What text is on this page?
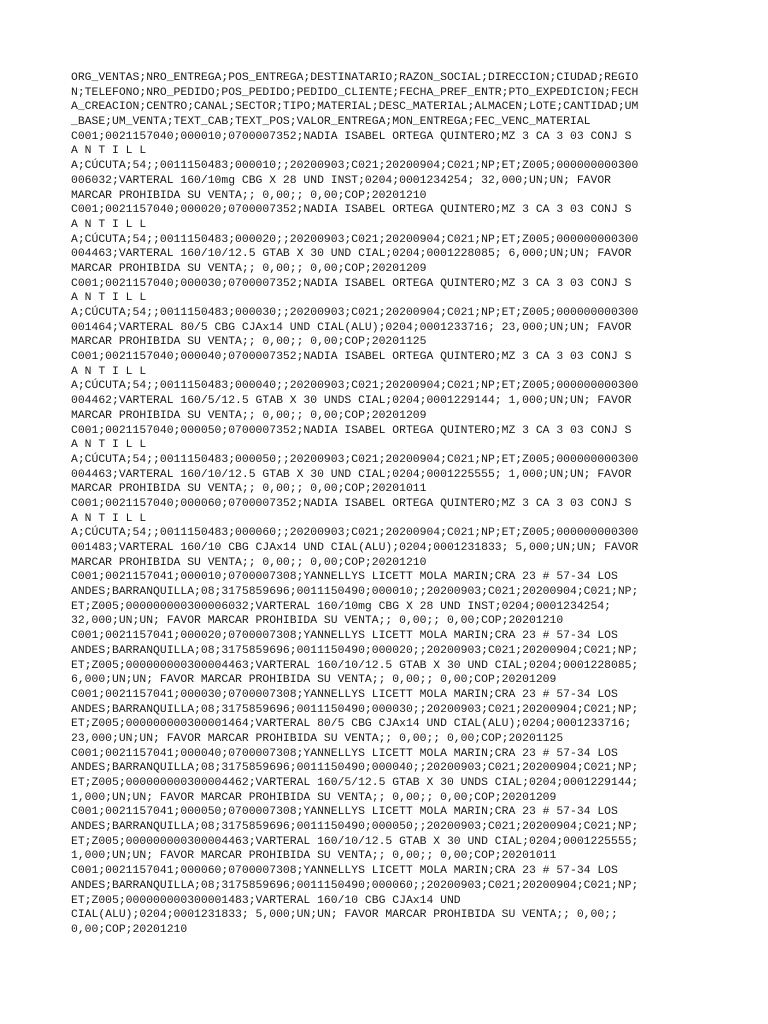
ORG_VENTAS;NRO_ENTREGA;POS_ENTREGA;DESTINATARIO;RAZON_SOCIAL;DIRECCION;CIUDAD;REGIO
N;TELEFONO;NRO_PEDIDO;POS_PEDIDO;PEDIDO_CLIENTE;FECHA_PREF_ENTR;PTO_EXPEDICION;FECH
A_CREACION;CENTRO;CANAL;SECTOR;TIPO;MATERIAL;DESC_MATERIAL;ALMACEN;LOTE;CANTIDAD;UM
_BASE;UM_VENTA;TEXT_CAB;TEXT_POS;VALOR_ENTREGA;MON_ENTREGA;FEC_VENC_MATERIAL
C001;0021157040;000010;0700007352;NADIA ISABEL ORTEGA QUINTERO;MZ 3 CA 3 03 CONJ S
A N T I L L
A;CÚCUTA;54;;0011150483;000010;;20200903;C021;20200904;C021;NP;ET;Z005;000000000300
006032;VARTERAL 160/10mg CBG X 28 UND INST;0204;0001234254; 32,000;UN;UN; FAVOR
MARCAR PROHIBIDA SU VENTA;; 0,00;; 0,00;COP;20201210
C001;0021157040;000020;0700007352;NADIA ISABEL ORTEGA QUINTERO;MZ 3 CA 3 03 CONJ S
A N T I L L
A;CÚCUTA;54;;0011150483;000020;;20200903;C021;20200904;C021;NP;ET;Z005;000000000300
004463;VARTERAL 160/10/12.5 GTAB X 30 UND CIAL;0204;0001228085; 6,000;UN;UN; FAVOR
MARCAR PROHIBIDA SU VENTA;; 0,00;; 0,00;COP;20201209
C001;0021157040;000030;0700007352;NADIA ISABEL ORTEGA QUINTERO;MZ 3 CA 3 03 CONJ S
A N T I L L
A;CÚCUTA;54;;0011150483;000030;;20200903;C021;20200904;C021;NP;ET;Z005;000000000300
001464;VARTERAL 80/5 CBG CJAx14 UND CIAL(ALU);0204;0001233716; 23,000;UN;UN; FAVOR
MARCAR PROHIBIDA SU VENTA;; 0,00;; 0,00;COP;20201125
C001;0021157040;000040;0700007352;NADIA ISABEL ORTEGA QUINTERO;MZ 3 CA 3 03 CONJ S
A N T I L L
A;CÚCUTA;54;;0011150483;000040;;20200903;C021;20200904;C021;NP;ET;Z005;000000000300
004462;VARTERAL 160/5/12.5 GTAB X 30 UNDS CIAL;0204;0001229144; 1,000;UN;UN; FAVOR
MARCAR PROHIBIDA SU VENTA;; 0,00;; 0,00;COP;20201209
C001;0021157040;000050;0700007352;NADIA ISABEL ORTEGA QUINTERO;MZ 3 CA 3 03 CONJ S
A N T I L L
A;CÚCUTA;54;;0011150483;000050;;20200903;C021;20200904;C021;NP;ET;Z005;000000000300
004463;VARTERAL 160/10/12.5 GTAB X 30 UND CIAL;0204;0001225555; 1,000;UN;UN; FAVOR
MARCAR PROHIBIDA SU VENTA;; 0,00;; 0,00;COP;20201011
C001;0021157040;000060;0700007352;NADIA ISABEL ORTEGA QUINTERO;MZ 3 CA 3 03 CONJ S
A N T I L L
A;CÚCUTA;54;;0011150483;000060;;20200903;C021;20200904;C021;NP;ET;Z005;000000000300
001483;VARTERAL 160/10 CBG CJAx14 UND CIAL(ALU);0204;0001231833; 5,000;UN;UN; FAVOR
MARCAR PROHIBIDA SU VENTA;; 0,00;; 0,00;COP;20201210
C001;0021157041;000010;0700007308;YANNELLYS LICETT MOLA MARIN;CRA 23 # 57-34 LOS
ANDES;BARRANQUILLA;08;3175859696;0011150490;000010;;20200903;C021;20200904;C021;NP;
ET;Z005;000000000300006032;VARTERAL 160/10mg CBG X 28 UND INST;0204;0001234254;
32,000;UN;UN; FAVOR MARCAR PROHIBIDA SU VENTA;; 0,00;; 0,00;COP;20201210
C001;0021157041;000020;0700007308;YANNELLYS LICETT MOLA MARIN;CRA 23 # 57-34 LOS
ANDES;BARRANQUILLA;08;3175859696;0011150490;000020;;20200903;C021;20200904;C021;NP;
ET;Z005;000000000300004463;VARTERAL 160/10/12.5 GTAB X 30 UND CIAL;0204;0001228085;
6,000;UN;UN; FAVOR MARCAR PROHIBIDA SU VENTA;; 0,00;; 0,00;COP;20201209
C001;0021157041;000030;0700007308;YANNELLYS LICETT MOLA MARIN;CRA 23 # 57-34 LOS
ANDES;BARRANQUILLA;08;3175859696;0011150490;000030;;20200903;C021;20200904;C021;NP;
ET;Z005;000000000300001464;VARTERAL 80/5 CBG CJAx14 UND CIAL(ALU);0204;0001233716;
23,000;UN;UN; FAVOR MARCAR PROHIBIDA SU VENTA;; 0,00;; 0,00;COP;20201125
C001;0021157041;000040;0700007308;YANNELLYS LICETT MOLA MARIN;CRA 23 # 57-34 LOS
ANDES;BARRANQUILLA;08;3175859696;0011150490;000040;;20200903;C021;20200904;C021;NP;
ET;Z005;000000000300004462;VARTERAL 160/5/12.5 GTAB X 30 UNDS CIAL;0204;0001229144;
1,000;UN;UN; FAVOR MARCAR PROHIBIDA SU VENTA;; 0,00;; 0,00;COP;20201209
C001;0021157041;000050;0700007308;YANNELLYS LICETT MOLA MARIN;CRA 23 # 57-34 LOS
ANDES;BARRANQUILLA;08;3175859696;0011150490;000050;;20200903;C021;20200904;C021;NP;
ET;Z005;000000000300004463;VARTERAL 160/10/12.5 GTAB X 30 UND CIAL;0204;0001225555;
1,000;UN;UN; FAVOR MARCAR PROHIBIDA SU VENTA;; 0,00;; 0,00;COP;20201011
C001;0021157041;000060;0700007308;YANNELLYS LICETT MOLA MARIN;CRA 23 # 57-34 LOS
ANDES;BARRANQUILLA;08;3175859696;0011150490;000060;;20200903;C021;20200904;C021;NP;
ET;Z005;000000000300001483;VARTERAL 160/10 CBG CJAx14 UND
CIAL(ALU);0204;0001231833; 5,000;UN;UN; FAVOR MARCAR PROHIBIDA SU VENTA;; 0,00;;
0,00;COP;20201210
